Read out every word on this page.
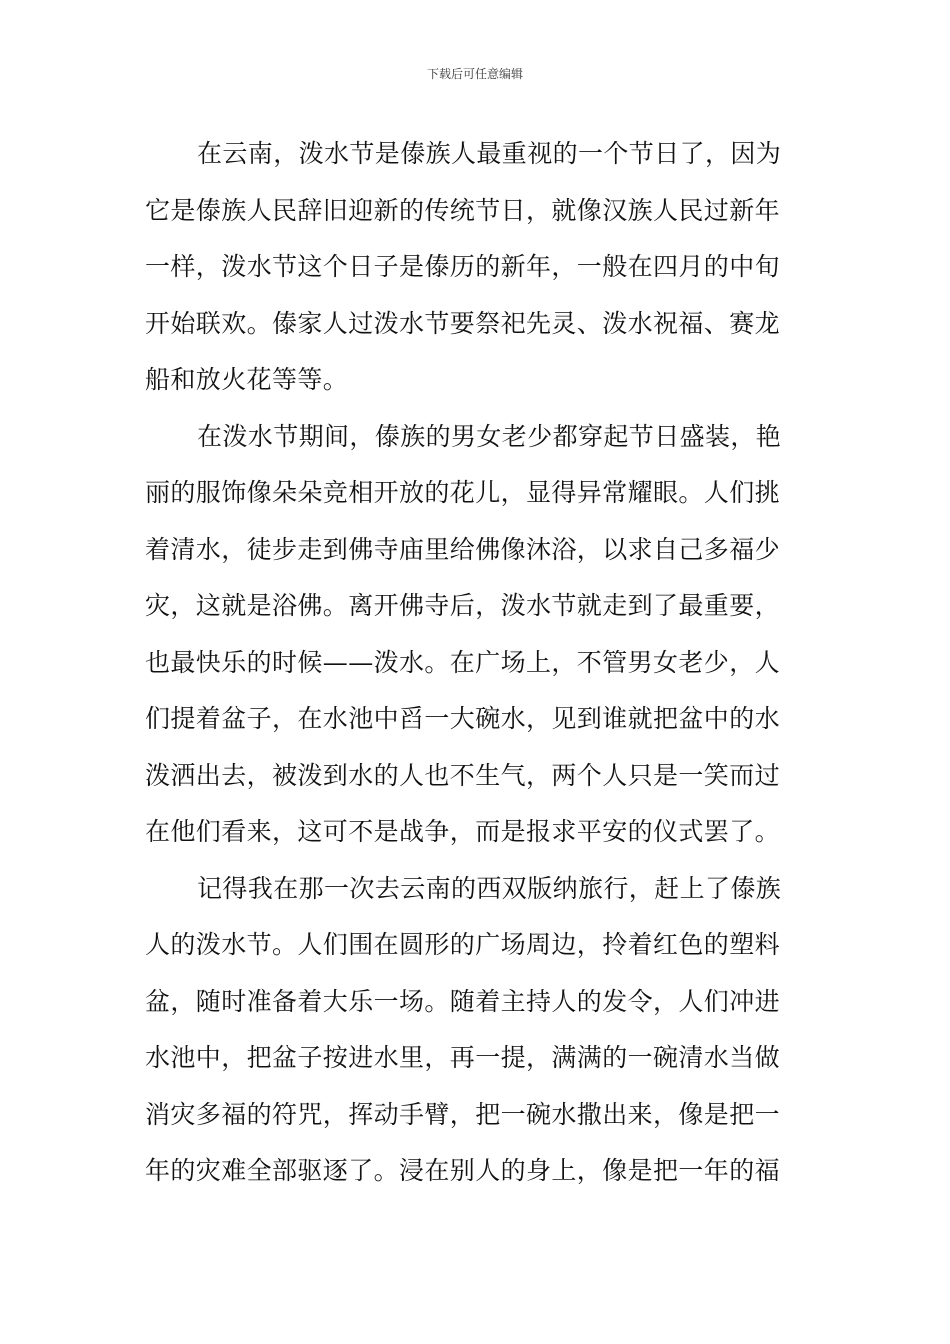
下载后可任意编辑
在云南，泼水节是傣族人最重视的一个节日了，因为
它是傣族人民辞旧迎新的传统节日，就像汉族人民过新年
一样，泼水节这个日子是傣历的新年，一般在四月的中旬
开始联欢。傣家人过泼水节要祭祀先灵、泼水祝福、赛龙
船和放火花等等。
在泼水节期间，傣族的男女老少都穿起节日盛装，艳
丽的服饰像朵朵竞相开放的花儿，显得异常耀眼。人们挑
着清水，徒步走到佛寺庙里给佛像沐浴，以求自己多福少
灾，这就是浴佛。离开佛寺后，泼水节就走到了最重要，
也最快乐的时候——泼水。在广场上，不管男女老少，人
们提着盆子，在水池中舀一大碗水，见到谁就把盆中的水
泼洒出去，被泼到水的人也不生气，两个人只是一笑而过
在他们看来，这可不是战争，而是报求平安的仪式罢了。
记得我在那一次去云南的西双版纳旅行，赶上了傣族
人的泼水节。人们围在圆形的广场周边，拎着红色的塑料
盆，随时准备着大乐一场。随着主持人的发令，人们冲进
水池中，把盆子按进水里，再一提，满满的一碗清水当做
消灾多福的符咒，挥动手臂，把一碗水撒出来，像是把一
年的灾难全部驱逐了。浸在别人的身上，像是把一年的福
